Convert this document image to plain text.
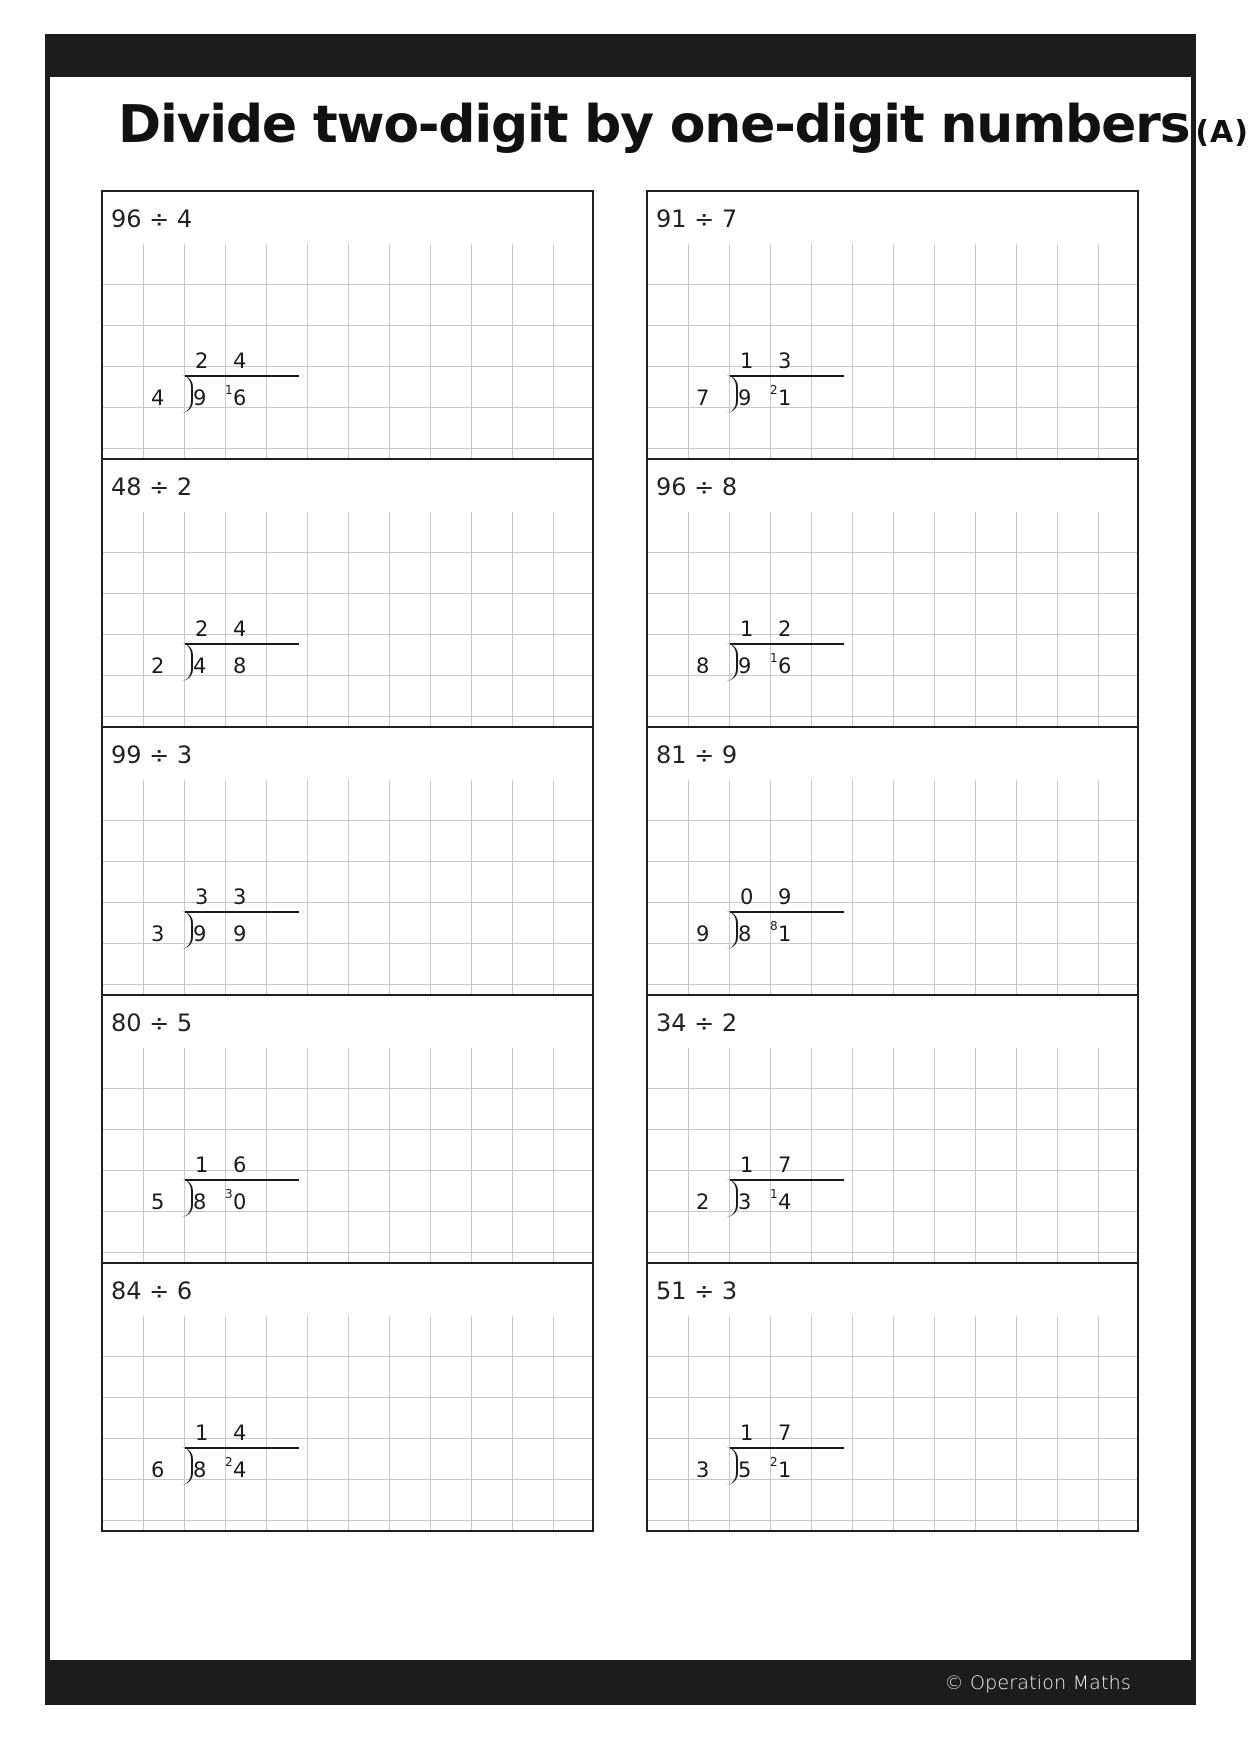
Divide two-digit by one-digit numbers (A)
© Operation Maths
96 ÷ 4
2 4
4 9 1 6
91 ÷ 7
1 3
7 9 2 1
48 ÷ 2
2 4
2 4 8
96 ÷ 8
1 2
8 9 1 6
99 ÷ 3
3 3
3 9 9
81 ÷ 9
0 9
9 8 8 1
80 ÷ 5
1 6
5 8 3 0
34 ÷ 2
1 7
2 3 1 4
84 ÷ 6
1 4
6 8 2 4
51 ÷ 3
1 7
3 5 2 1
